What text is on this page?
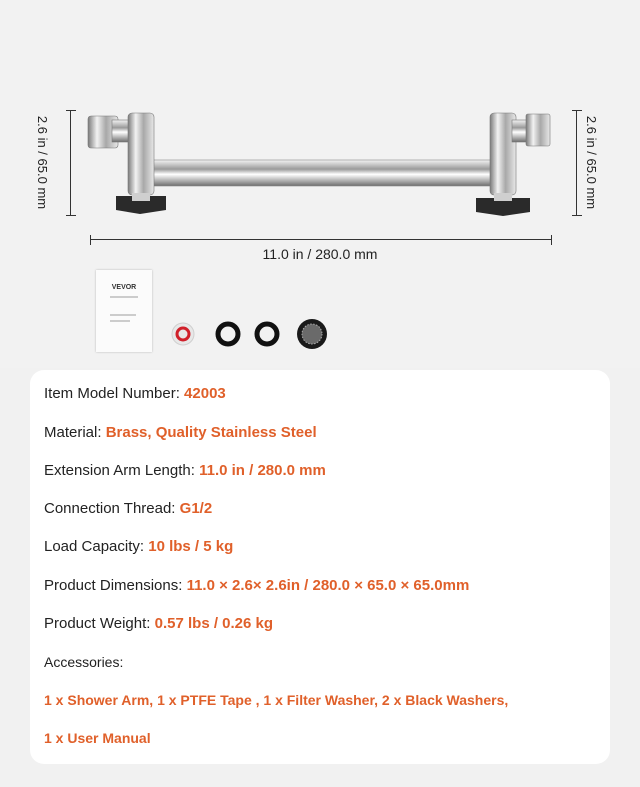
2.6 in / 65.0 mm	2.6 in / 65.0 mm
11.0 in / 280.0 mm
VEVOR
Item Model Number: 42003
Material: Brass, Quality Stainless Steel
Extension Arm Length: 11.0 in / 280.0 mm
Connection Thread: G1/2
Load Capacity: 10 lbs / 5 kg
Product Dimensions: 11.0 × 2.6× 2.6in / 280.0 × 65.0 × 65.0mm
Product Weight: 0.57 lbs / 0.26 kg
Accessories:
1 x Shower Arm, 1 x PTFE Tape , 1 x Filter Washer, 2 x Black Washers,
1 x User Manual
